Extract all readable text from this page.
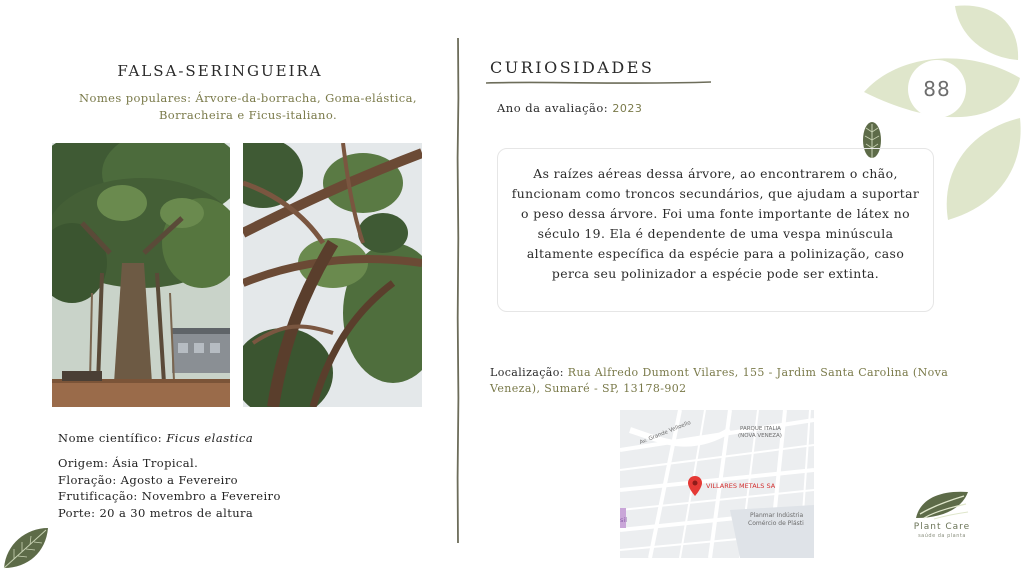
88
FALSA-SERINGUEIRA
Nomes populares: Árvore-da-borracha, Goma-elástica, Borracheira e Ficus-italiano.
Nome científico: Ficus elastica
Origem: Ásia Tropical.
Floração: Agosto a Fevereiro
Frutificação: Novembro a Fevereiro
Porte: 20 a 30 metros de altura
CURIOSIDADES
Ano da avaliação: 2023
As raízes aéreas dessa árvore, ao encontrarem o chão, funcionam como troncos secundários, que ajudam a suportar o peso dessa árvore. Foi uma fonte importante de látex no século 19. Ela é dependente de uma vespa minúscula altamente específica da espécie para a polinização, caso perca seu polinizador a espécie pode ser extinta.
Localização: Rua Alfredo Dumont Vilares, 155 - Jardim Santa Carolina (Nova Veneza), Sumaré - SP, 13178-902
Av. Grande Velloello	PARQUE ITALIA
(NOVA VENEZA)
VILLARES METALS SA
Planmar Indústria
Comércio de Plásti
sil
Plant Care
saúde da planta
